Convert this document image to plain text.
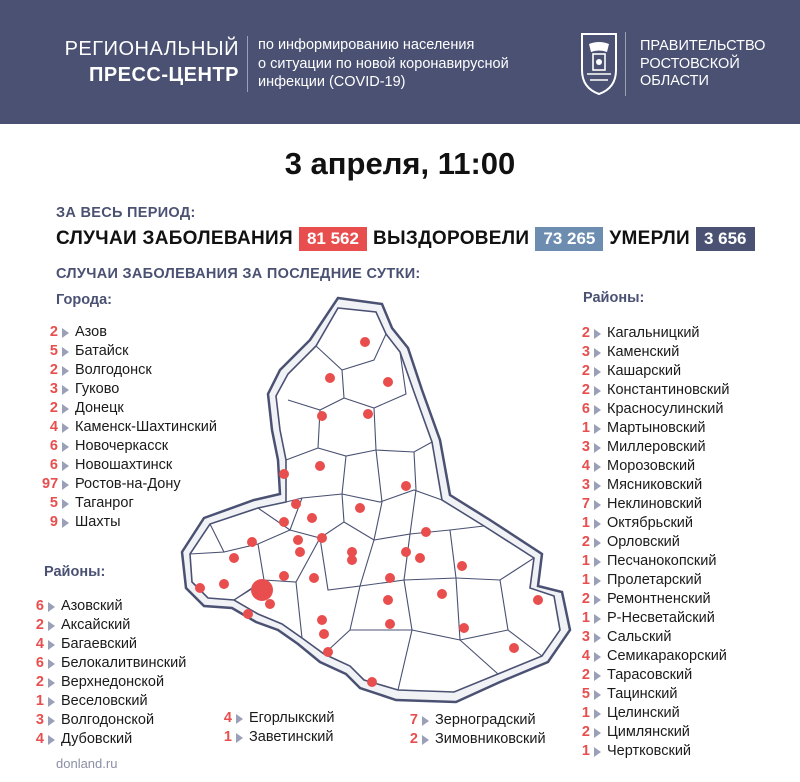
РЕГИОНАЛЬНЫЙ
ПРЕСС-ЦЕНТР
по информированию населения
о ситуации по новой коронавирусной
инфекции (COVID-19)
ПРАВИТЕЛЬСТВО
РОСТОВСКОЙ
ОБЛАСТИ
3 апреля, 11:00
ЗА ВЕСЬ ПЕРИОД:
СЛУЧАИ ЗАБОЛЕВАНИЯ 81 562 ВЫЗДОРОВЕЛИ 73 265 УМЕРЛИ 3 656
СЛУЧАИ ЗАБОЛЕВАНИЯ ЗА ПОСЛЕДНИЕ СУТКИ:
Города:
2 Азов
5 Батайск
2 Волгодонск
3 Гуково
2 Донецк
4 Каменск-Шахтинский
6 Новочеркасск
6 Новошахтинск
97 Ростов-на-Дону
5 Таганрог
9 Шахты
Районы:
6 Азовский
2 Аксайский
4 Багаевский
6 Белокалитвинский
2 Верхнедонской
1 Веселовский
3 Волгодонской
4 Дубовский
4 Егорлыкский
1 Заветинский
7 Зерноградский
2 Зимовниковский
Районы:
2 Кагальницкий
3 Каменский
2 Кашарский
2 Константиновский
6 Красносулинский
1 Мартыновский
3 Миллеровский
4 Морозовский
3 Мясниковский
7 Неклиновский
1 Октябрьский
2 Орловский
1 Песчанокопский
1 Пролетарский
2 Ремонтненский
1 Р-Несветайский
3 Сальский
4 Семикаракорский
2 Тарасовский
5 Тацинский
1 Целинский
2 Цимлянский
1 Чертковский
donland.ru
